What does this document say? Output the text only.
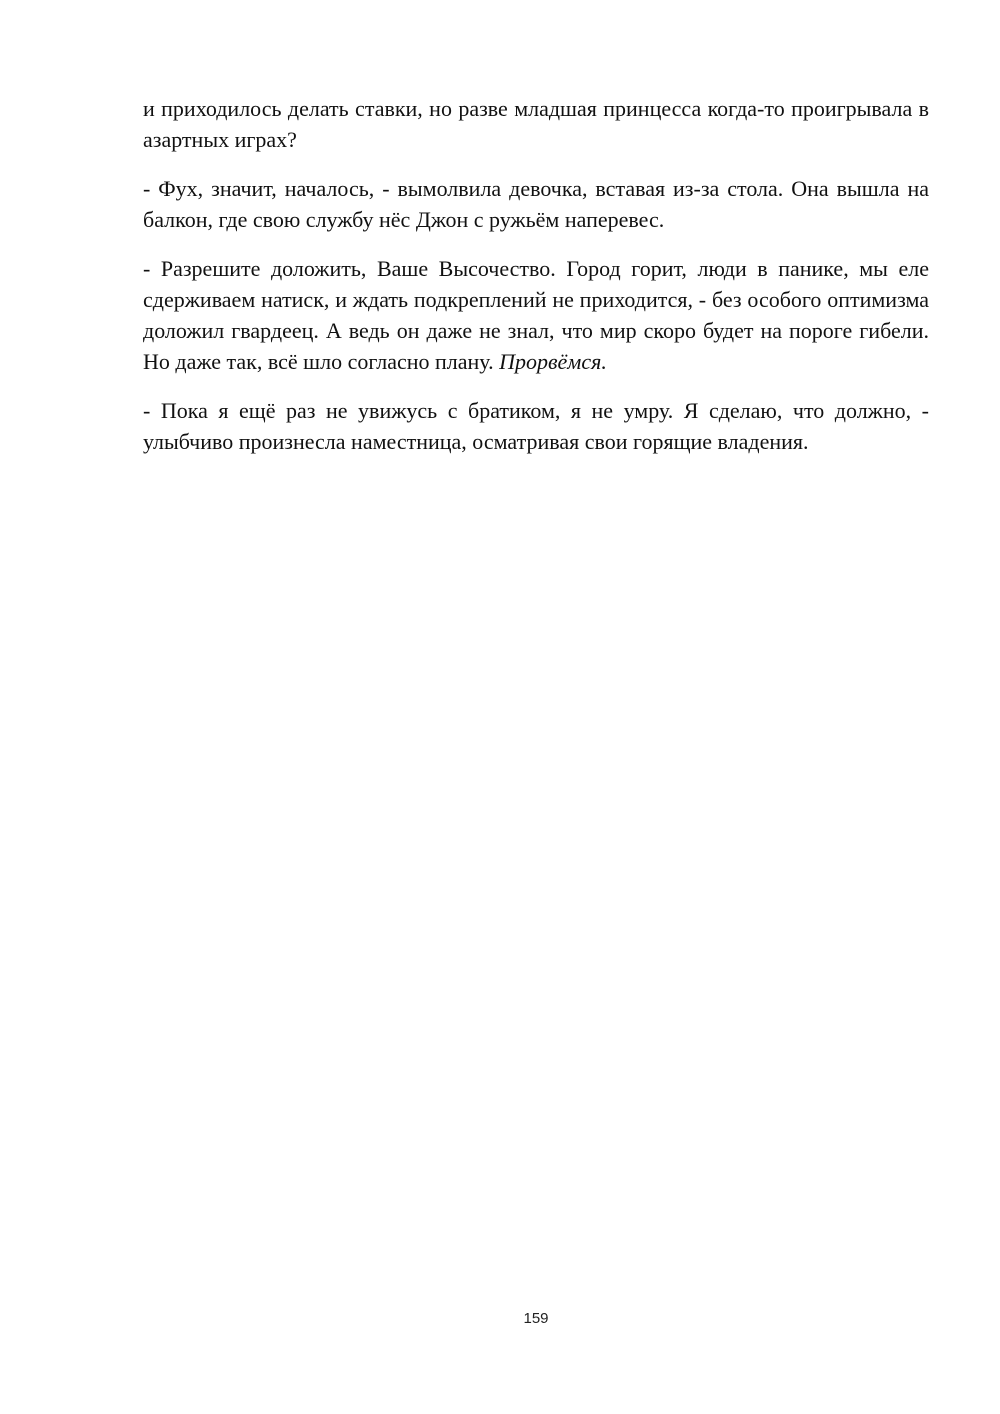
и приходилось делать ставки, но разве младшая принцесса когда-то проигрывала в азартных играх?

- Фух, значит, началось, - вымолвила девочка, вставая из-за стола. Она вышла на балкон, где свою службу нёс Джон с ружьём наперевес.

- Разрешите доложить, Ваше Высочество. Город горит, люди в панике, мы еле сдерживаем натиск, и ждать подкреплений не приходится, - без особого оптимизма доложил гвардеец. А ведь он даже не знал, что мир скоро будет на пороге гибели. Но даже так, всё шло согласно плану. Прорвёмся.

- Пока я ещё раз не увижусь с братиком, я не умру. Я сделаю, что должно, - улыбчиво произнесла наместница, осматривая свои горящие владения.

159
